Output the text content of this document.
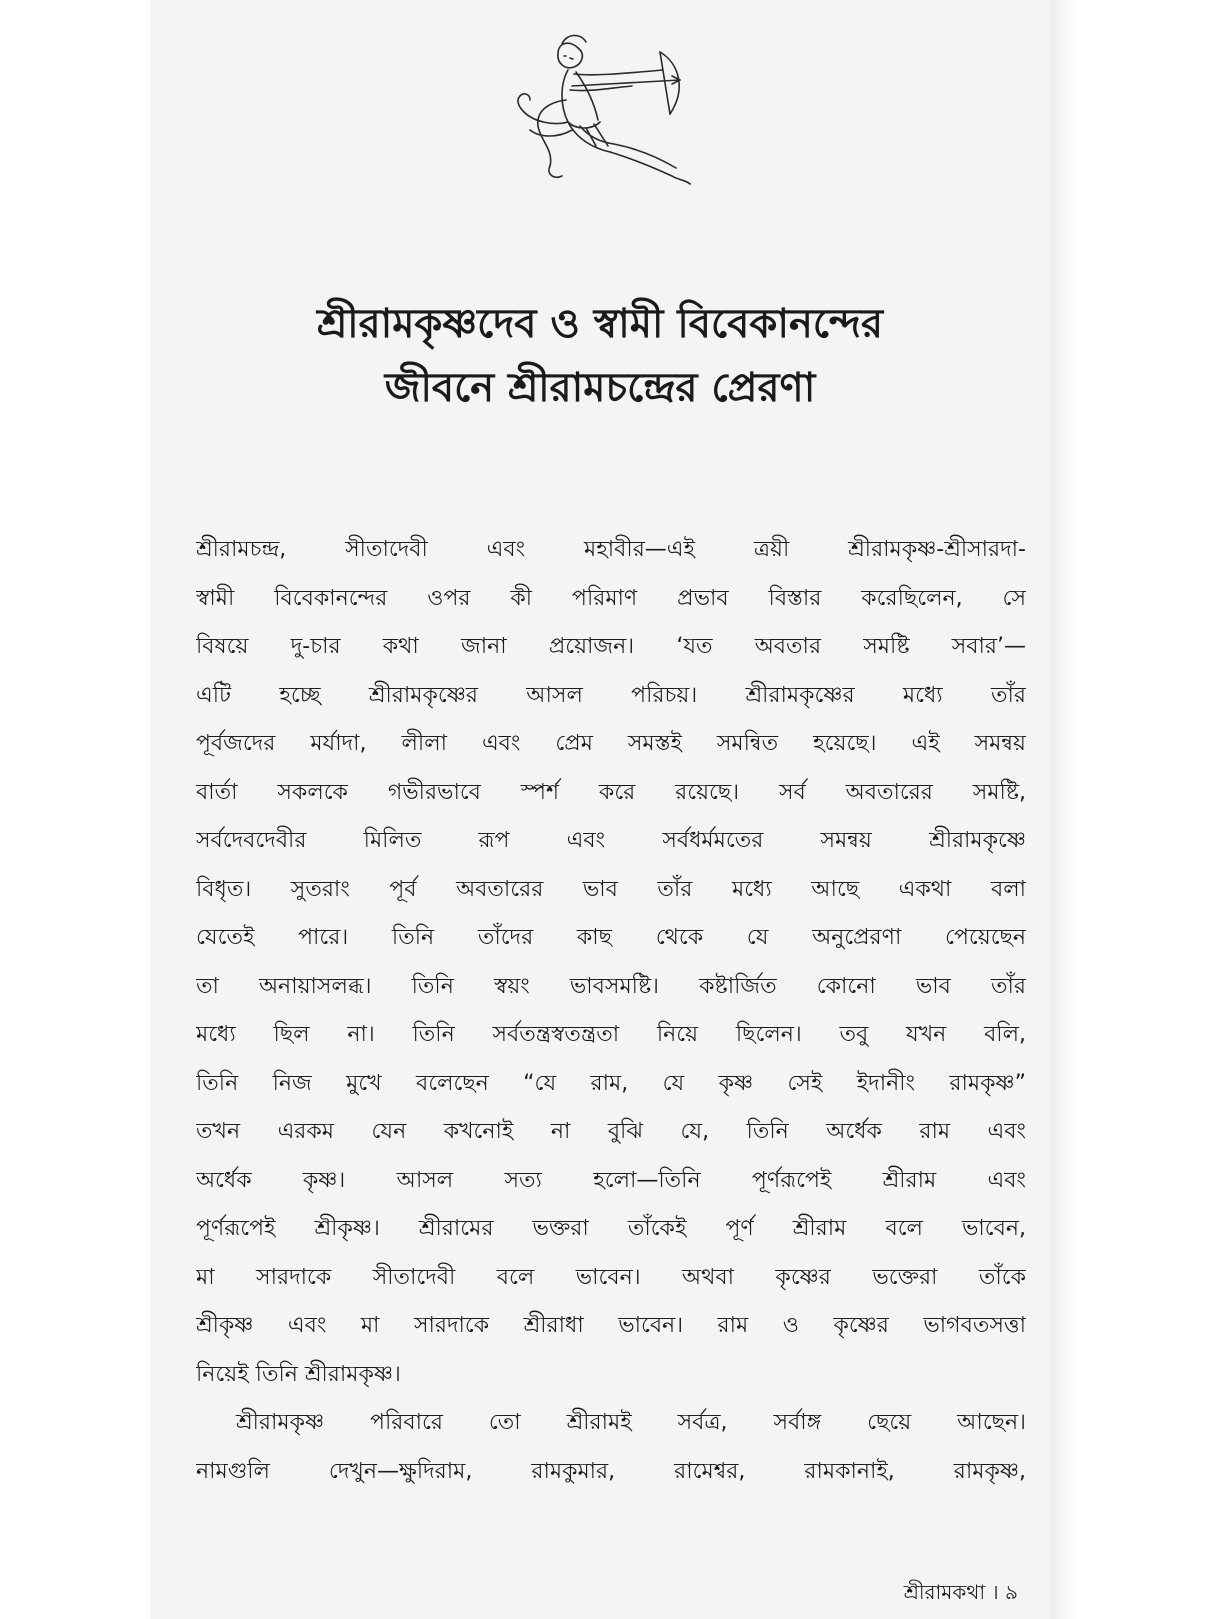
শ্রীরামকৃষ্ণদেব ও স্বামী বিবেকানন্দের
জীবনে শ্রীরামচন্দ্রের প্রেরণা
শ্রীরামচন্দ্র, সীতাদেবী এবং মহাবীর—এই ত্রয়ী শ্রীরামকৃষ্ণ-শ্রীসারদা-
স্বামী বিবেকানন্দের ওপর কী পরিমাণ প্রভাব বিস্তার করেছিলেন, সে
বিষয়ে দু-চার কথা জানা প্রয়োজন। ‘যত অবতার সমষ্টি সবার’—
এটি হচ্ছে শ্রীরামকৃষ্ণের আসল পরিচয়। শ্রীরামকৃষ্ণের মধ্যে তাঁর
পূর্বজদের মর্যাদা, লীলা এবং প্রেম সমস্তই সমন্বিত হয়েছে। এই সমন্বয়
বার্তা সকলকে গভীরভাবে স্পর্শ করে রয়েছে। সর্ব অবতারের সমষ্টি,
সর্বদেবদেবীর মিলিত রূপ এবং সর্বধর্মমতের সমন্বয় শ্রীরামকৃষ্ণে
বিধৃত। সুতরাং পূর্ব অবতারের ভাব তাঁর মধ্যে আছে একথা বলা
যেতেই পারে। তিনি তাঁদের কাছ থেকে যে অনুপ্রেরণা পেয়েছেন
তা অনায়াসলব্ধ। তিনি স্বয়ং ভাবসমষ্টি। কষ্টার্জিত কোনো ভাব তাঁর
মধ্যে ছিল না। তিনি সর্বতন্ত্রস্বতন্ত্রতা নিয়ে ছিলেন। তবু যখন বলি,
তিনি নিজ মুখে বলেছেন “যে রাম, যে কৃষ্ণ সেই ইদানীং রামকৃষ্ণ”
তখন এরকম যেন কখনোই না বুঝি যে, তিনি অর্ধেক রাম এবং
অর্ধেক কৃষ্ণ। আসল সত্য হলো—তিনি পূর্ণরূপেই শ্রীরাম এবং
পূর্ণরূপেই শ্রীকৃষ্ণ। শ্রীরামের ভক্তরা তাঁকেই পূর্ণ শ্রীরাম বলে ভাবেন,
মা সারদাকে সীতাদেবী বলে ভাবেন। অথবা কৃষ্ণের ভক্তেরা তাঁকে
শ্রীকৃষ্ণ এবং মা সারদাকে শ্রীরাধা ভাবেন। রাম ও কৃষ্ণের ভাগবতসত্তা
নিয়েই তিনি শ্রীরামকৃষ্ণ।
শ্রীরামকৃষ্ণ পরিবারে তো শ্রীরামই সর্বত্র, সর্বাঙ্গ ছেয়ে আছেন।
নামগুলি দেখুন—ক্ষুদিরাম, রামকুমার, রামেশ্বর, রামকানাই, রামকৃষ্ণ,
শ্রীরামকথা । ৯
